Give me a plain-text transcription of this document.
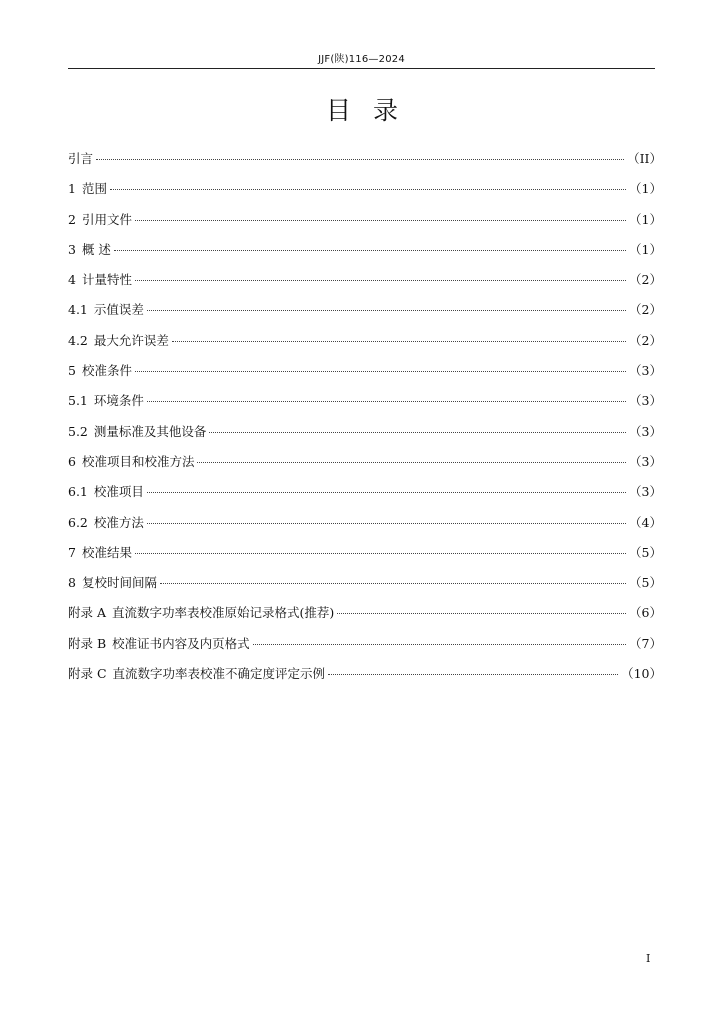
JJF(陕)116—2024
目录
引言	（II）
1 范围	（1）
2 引用文件	（1）
3 概 述	（1）
4 计量特性	（2）
4.1 示值误差	（2）
4.2 最大允许误差	（2）
5 校准条件	（3）
5.1 环境条件	（3）
5.2 测量标准及其他设备	（3）
6 校准项目和校准方法	（3）
6.1 校准项目	（3）
6.2 校准方法	（4）
7 校准结果	（5）
8 复校时间间隔	（5）
附录 A 直流数字功率表校准原始记录格式(推荐)	（6）
附录 B 校准证书内容及内页格式	（7）
附录 C 直流数字功率表校准不确定度评定示例	（10）
I
